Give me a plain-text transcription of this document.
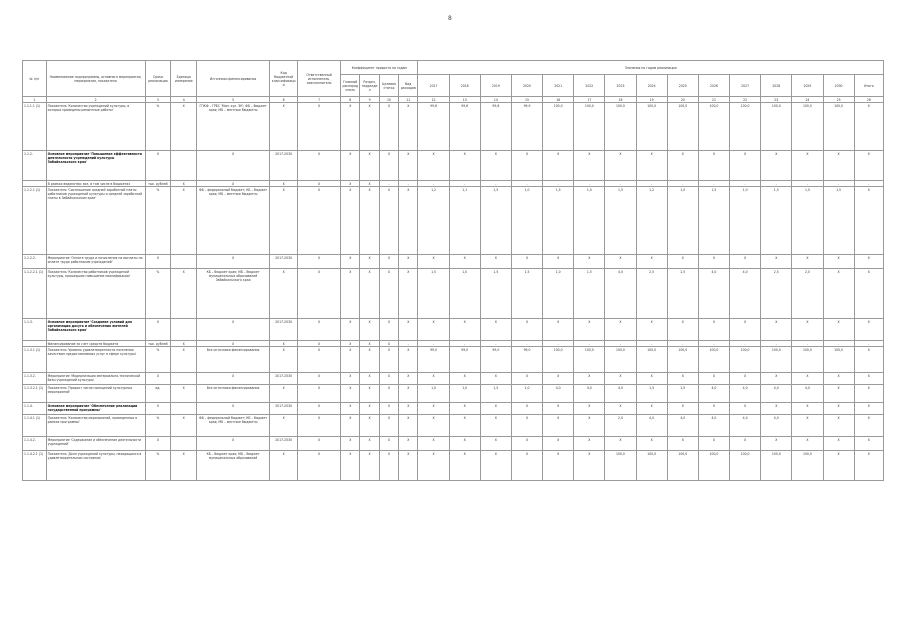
8
№ п/п	Наименование подпрограммы, основного мероприятия, мероприятия, показателя	Сроки реализации	Единица измерения	Источники финансирования	Код бюджетной классификации	Ответственный исполнитель, соисполнитель	Коэффициент прироста по годам				Значения по годам реализации														
							Главный распорядитель	Раздел, подраздел	Целевая статья	Вид расходов	2017	2018	2019	2020	2021	2022	2023	2024	2025	2026	2027	2028	2029	2030	Итого
1	2	3	4	5	6	7	8	9	10	11	12	13	14	15	16	17	18	19	20	21	22	23	24	25	26
1.1.1.1 (1)	Показатель 'Количество учреждений культуры, в которых проведены ремонтные работы'	%	Х	ГПКФ – ГРБС 'Мин. кул. ЗК'; ФБ – бюджет края; МБ – местные бюджеты	Х	Х	Х	Х	Х	Х	99,6	99,6	99,8	99,9	100,0	100,0	100,0	100,0	100,0	100,0	100,0	100,0	100,0	100,0	Х
1.1.2.	Основное мероприятие 'Повышение эффективности деятельности учреждений культуры Забайкальского края'	Х		Х	2017-2030	Х	Х	Х	Х	Х	Х	Х	Х	Х	Х	Х	Х	Х	Х	Х	Х	Х	Х	Х	Х
	В рамках ведомства: все, в том числе в бюджетах	тыс. рублей	Х	Х	Х	Х	Х	Х	-	-	-	-	-	-	-	-	-	-	-	-	-	-	-	-	-
1.1.2.1 (1)	Показатель 'Соотношение средней заработной платы работников учреждений культуры и средней заработной платы в Забайкальском крае'	%	Х	ФБ – федеральный бюджет; КБ – бюджет края; МБ – местные бюджеты	Х	Х	Х	Х	Х	Х	1,2	1,1	1,5	1,0	1,5	1,0	1,5	1,2	1,0	1,5	1,0	1,5	1,0	1,5	Х
1.1.2.2.	Мероприятие 'Оплата труда и начисления на выплаты по оплате труда работникам учреждений'	Х		Х	2017-2030	Х	Х	Х	Х	Х	Х	Х	Х	Х	Х	Х	Х	Х	Х	Х	Х	Х	Х	Х	Х
1.1.2.2.1 (1)	Показатель 'Количество работников учреждений культуры, прошедших повышение квалификации'	%	Х	КБ – бюджет края; МБ – бюджет муниципальных образований Забайкальского края	Х	Х	Х	Х	Х	Х	1,5	1,0	1,5	1,5	1,0	1,5	4,0	2,5	2,5	4,0	4,0	2,5	2,0	Х	Х
1.1.3.	Основное мероприятие 'Создание условий для организации досуга и обеспечения жителей Забайкальского края'	Х		Х	2017-2030	Х	Х	Х	Х	Х	Х	Х	Х	Х	Х	Х	Х	Х	Х	Х	Х	Х	Х	Х	Х
	Финансирование за счет средств бюджета	тыс. рублей	Х	Х	Х	Х	Х	Х	Х	-	-	-	-	-	-	-	-	-	-	-	-	-	-	-	-
1.1.3.1 (1)	Показатель 'Уровень удовлетворенности населения качеством предоставляемых услуг в сфере культуры'	%	Х	Все источники финансирования	Х	Х	Х	Х	Х	Х	99,0	99,0	99,0	99,0	100,0	100,0	100,0	100,0	100,0	100,0	100,0	100,0	100,0	100,0	Х
1.1.3.2.	Мероприятие 'Модернизация материально-технической базы учреждений культуры'	Х		Х	2017-2030	Х	Х	Х	Х	Х	Х	Х	Х	Х	Х	Х	Х	Х	Х	Х	Х	Х	Х	Х	Х
1.1.3.2.1 (1)	Показатель 'Прирост числа посещений культурных мероприятий'	ед.	Х	Все источники финансирования	Х	Х	Х	Х	Х	Х	1,0	1,0	1,5	1,0	4,0	4,0	4,0	1,5	1,5	4,0	4,0	4,0	4,0	Х	Х
1.1.4.	Основное мероприятие 'Обеспечение реализации государственной программы'	Х		Х	2017-2030	Х	Х	Х	Х	Х	Х	Х	Х	Х	Х	Х	Х	Х	Х	Х	Х	Х	Х	Х	Х
1.1.4.1 (1)	Показатель 'Количество мероприятий, проведенных в рамках программы'	%	Х	ФБ – федеральный бюджет; КБ – бюджет края; МБ – местные бюджеты	Х	Х	Х	Х	Х	Х	Х	Х	Х	Х	Х	Х	2,0	4,0	4,0	4,0	4,0	4,0	Х	Х	Х
1.1.4.2.	Мероприятие 'Содержание и обеспечение деятельности учреждений'	Х		Х	2017-2030	Х	Х	Х	Х	Х	Х	Х	Х	Х	Х	Х	Х	Х	Х	Х	Х	Х	Х	Х	Х
1.1.4.2.1 (1)	Показатель 'Доля учреждений культуры, находящихся в удовлетворительном состоянии'	%	Х	КБ – бюджет края; МБ – бюджет муниципальных образований	Х	Х	Х	Х	Х	Х	Х	Х	Х	Х	Х	Х	100,0	100,0	100,0	100,0	100,0	100,0	100,0	Х	Х
